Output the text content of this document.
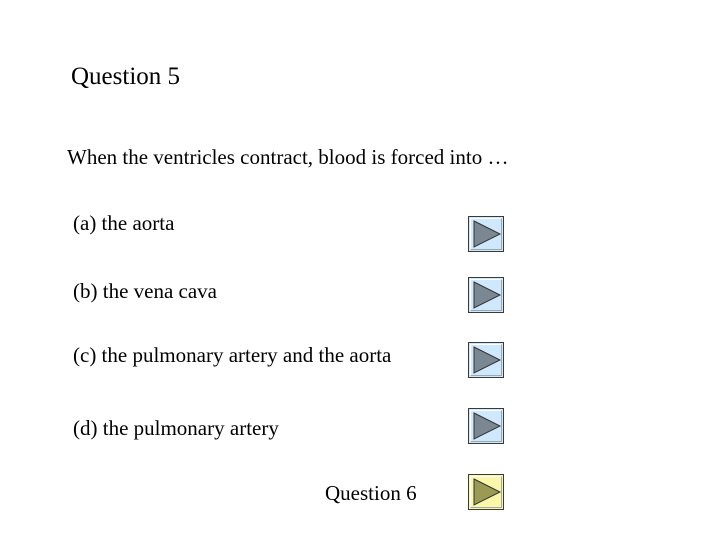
Question 5
When the ventricles contract, blood is forced into …
(a) the aorta
(b) the vena cava
(c) the pulmonary artery and the aorta
(d) the pulmonary artery
Question 6
